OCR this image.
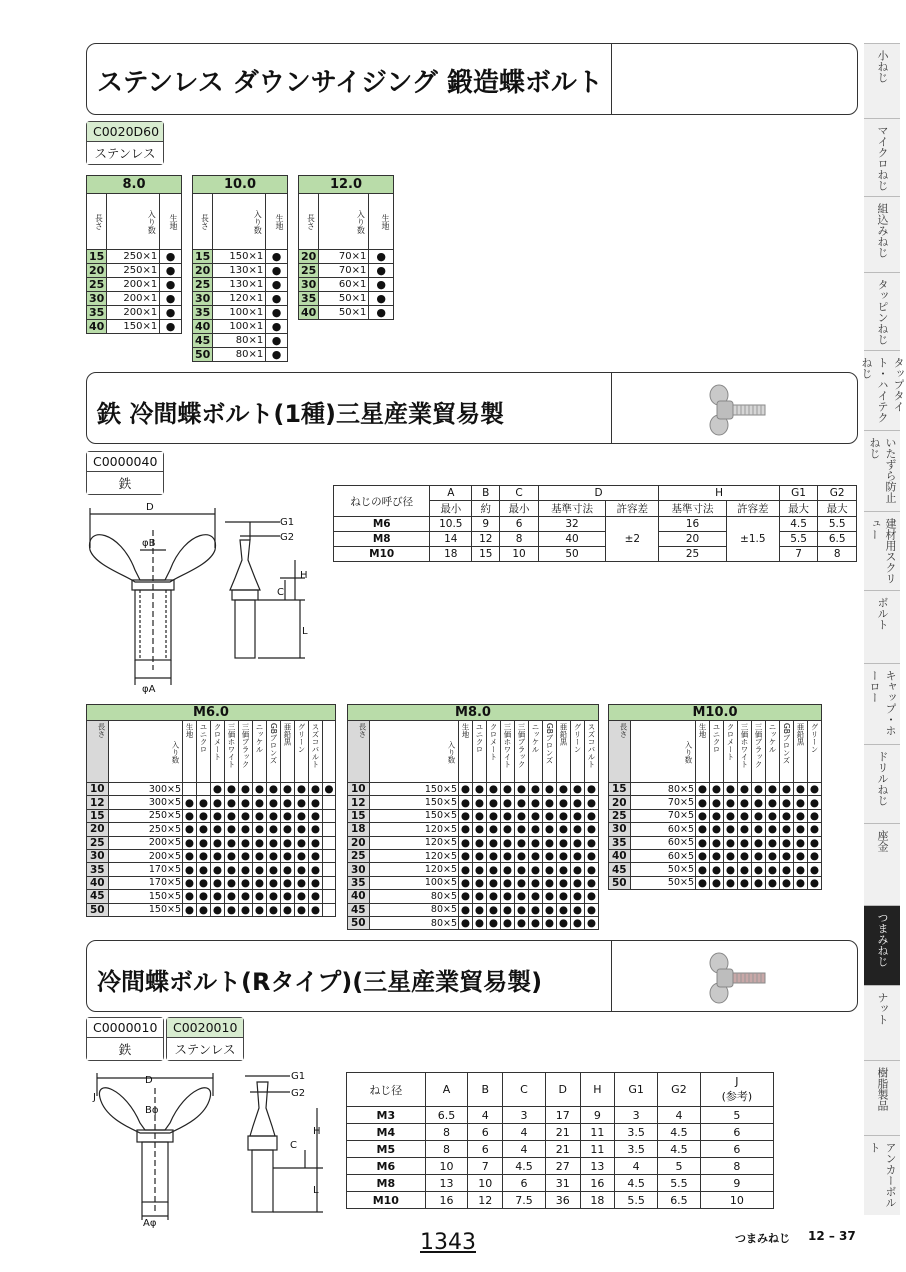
ステンレス ダウンサイジング 鍛造蝶ボルト
C0020D60
ステンレス
8.0		
長さ	入り数	生地
15	250×1	●
20	250×1	●
25	200×1	●
30	200×1	●
35	200×1	●
40	150×1	●
10.0		
長さ	入り数	生地
15	150×1	●
20	130×1	●
25	130×1	●
30	120×1	●
35	100×1	●
40	100×1	●
45	80×1	●
50	80×1	●
12.0		
長さ	入り数	生地
20	70×1	●
25	70×1	●
30	60×1	●
35	50×1	●
40	50×1	●
鉄 冷間蝶ボルト(1種)三星産業貿易製
C0000040
鉄
D
φB
φA
G1
G2
H
C
L
ねじの呼び径	A	B	C	D		H		G1	G2
	最小	約	最小	基準寸法	許容差	基準寸法	許容差	最大	最大
M6	10.5	9	6	32	±2	16	±1.5	4.5	5.5
M8	14	12	8	40		20		5.5	6.5
M10	18	15	10	50		25		7	8
M6.0												
長さ	入り数	生地	ユニクロ	クロメート	三価ホワイト	三価ブラック	ニッケル	GBブロンズ	亜鉛黒	グリーン	スズコバルト	
10	300×5			●	●	●	●	●	●	●	●	●
12	300×5	●	●	●	●	●	●	●	●	●	●	
15	250×5	●	●	●	●	●	●	●	●	●	●	
20	250×5	●	●	●	●	●	●	●	●	●	●	
25	200×5	●	●	●	●	●	●	●	●	●	●	
30	200×5	●	●	●	●	●	●	●	●	●	●	
35	170×5	●	●	●	●	●	●	●	●	●	●	
40	170×5	●	●	●	●	●	●	●	●	●	●	
45	150×5	●	●	●	●	●	●	●	●	●	●	
50	150×5	●	●	●	●	●	●	●	●	●	●	
M8.0											
長さ	入り数	生地	ユニクロ	クロメート	三価ホワイト	三価ブラック	ニッケル	GBブロンズ	亜鉛黒	グリーン	スズコバルト
10	150×5	●	●	●	●	●	●	●	●	●	●
12	150×5	●	●	●	●	●	●	●	●	●	●
15	150×5	●	●	●	●	●	●	●	●	●	●
18	120×5	●	●	●	●	●	●	●	●	●	●
20	120×5	●	●	●	●	●	●	●	●	●	●
25	120×5	●	●	●	●	●	●	●	●	●	●
30	120×5	●	●	●	●	●	●	●	●	●	●
35	100×5	●	●	●	●	●	●	●	●	●	●
40	80×5	●	●	●	●	●	●	●	●	●	●
45	80×5	●	●	●	●	●	●	●	●	●	●
50	80×5	●	●	●	●	●	●	●	●	●	●
M10.0										
長さ	入り数	生地	ユニクロ	クロメート	三価ホワイト	三価ブラック	ニッケル	GBブロンズ	亜鉛黒	グリーン
15	80×5	●	●	●	●	●	●	●	●	●
20	70×5	●	●	●	●	●	●	●	●	●
25	70×5	●	●	●	●	●	●	●	●	●
30	60×5	●	●	●	●	●	●	●	●	●
35	60×5	●	●	●	●	●	●	●	●	●
40	60×5	●	●	●	●	●	●	●	●	●
45	50×5	●	●	●	●	●	●	●	●	●
50	50×5	●	●	●	●	●	●	●	●	●
冷間蝶ボルト(Rタイプ)(三星産業貿易製)
C0000010
鉄
C0020010
ステンレス
D
J
Bφ
Aφ
G1
G2
H
C
L
ねじ径	A	B	C	D	H	G1	G2	J
(参考)
M3	6.5	4	3	17	9	3	4	5
M4	8	6	4	21	11	3.5	4.5	6
M5	8	6	4	21	11	3.5	4.5	6
M6	10	7	4.5	27	13	4	5	8
M8	13	10	6	31	16	4.5	5.5	9
M10	16	12	7.5	36	18	5.5	6.5	10
1343	つまみねじ 12 – 37
小ねじ
マイクロねじ
組込みねじ
タッピンねじ
タップタイト・ハイテクねじ
いたずら防止ねじ
建材用スクリュー
ボルト
キャップ・ホーロー
ドリルねじ
座金
つまみねじ
ナット
樹脂製品
アンカーボルト
